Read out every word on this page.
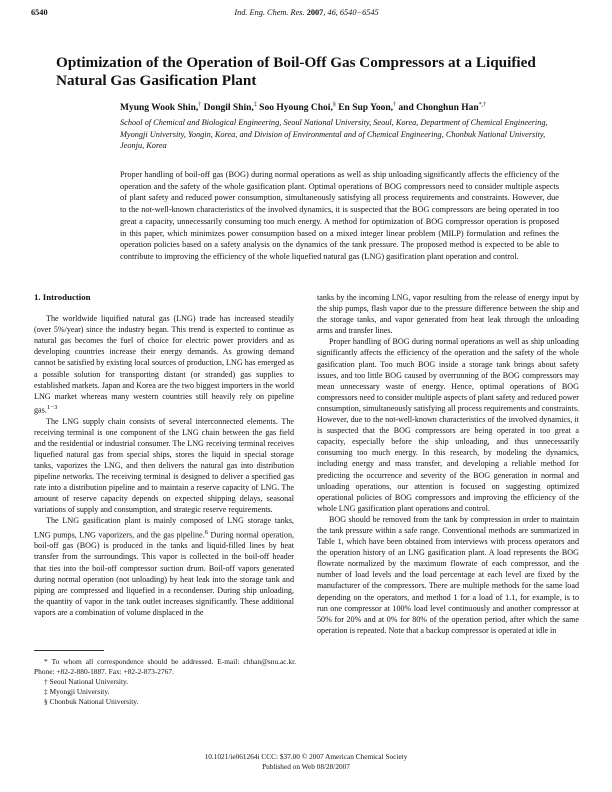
6540	Ind. Eng. Chem. Res. 2007, 46, 6540−6545
Optimization of the Operation of Boil-Off Gas Compressors at a Liquified Natural Gas Gasification Plant
Myung Wook Shin,† Dongil Shin,‡ Soo Hyoung Choi,§ En Sup Yoon,† and Chonghun Han*,†
School of Chemical and Biological Engineering, Seoul National University, Seoul, Korea, Department of Chemical Engineering, Myongji University, Yongin, Korea, and Division of Environmental and of Chemical Engineering, Chonbuk National University, Jeonju, Korea

Proper handling of boil-off gas (BOG) during normal operations as well as ship unloading significantly affects the efficiency of the operation and the safety of the whole gasification plant. Optimal operations of BOG compressors need to consider multiple aspects of plant safety and reduced power consumption, simultaneously satisfying all process requirements and constraints. However, due to the not-well-known characteristics of the involved dynamics, it is suspected that the BOG compressors are being operated in too great a capacity, unnecessarily consuming too much energy. A method for optimization of BOG compressor operation is proposed in this paper, which minimizes power consumption based on a mixed integer linear problem (MILP) formulation and refines the operation policies based on a safety analysis on the dynamics of the tank pressure. The proposed method is expected to be able to contribute to improving the efficiency of the whole liquefied natural gas (LNG) gasification plant operation and control.

1. Introduction

The worldwide liquified natural gas (LNG) trade has increased steadily (over 5%/year) since the industry began. This trend is expected to continue as natural gas becomes the fuel of choice for electric power providers and as developing countries increase their energy demands. As growing demand cannot be satisfied by existing local sources of production, LNG has emerged as a possible solution for transporting distant (or stranded) gas supplies to established markets. Japan and Korea are the two biggest importers in the world LNG market whereas many western countries still heavily rely on pipeline gas.$^{1-3}$

The LNG supply chain consists of several interconnected elements. The receiving terminal is one component of the LNG chain between the gas field and the residential or industrial consumer. The LNG receiving terminal receives liquefied natural gas from special ships, stores the liquid in special storage tanks, vaporizes the LNG, and then delivers the natural gas into distribution pipeline networks. The receiving terminal is designed to deliver a specified gas rate into a distribution pipeline and to maintain a reserve capacity of LNG. The amount of reserve capacity depends on expected shipping delays, seasonal variations of supply and consumption, and strategic reserve requirements.

The LNG gasification plant is mainly composed of LNG storage tanks, LNG pumps, LNG vaporizers, and the gas pipeline.$^6$ During normal operation, boil-off gas (BOG) is produced in the tanks and liquid-filled lines by heat transfer from the surroundings. This vapor is collected in the boil-off header that ties into the boil-off compressor suction drum. Boil-off vapors generated during normal operation (not unloading) by heat leak into the storage tank and piping are compressed and liquefied in a recondenser. During ship unloading, the quantity of vapor in the tank outlet increases significantly. These additional vapors are a combination of volume displaced in the

tanks by the incoming LNG, vapor resulting from the release of energy input by the ship pumps, flash vapor due to the pressure difference between the ship and the storage tanks, and vapor generated from heat leak through the unloading arms and transfer lines.

Proper handling of BOG during normal operations as well as ship unloading significantly affects the efficiency of the operation and the safety of the whole gasification plant. Too much BOG inside a storage tank brings about safety issues, and too little BOG caused by overrunning of the BOG compressors may mean unnecessary waste of energy. Hence, optimal operations of BOG compressors need to consider multiple aspects of plant safety and reduced power consumption, simultaneously satisfying all process requirements and constraints. However, due to the not-well-known characteristics of the involved dynamics, it is suspected that the BOG compressors are being operated in too great a capacity, especially before the ship unloading, and thus unnecessarily consuming too much energy. In this research, by modeling the dynamics, including energy and mass transfer, and developing a reliable method for predicting the occurrence and severity of the BOG generation in normal and unloading operations, our attention is focused on suggesting optimized operational policies of BOG compressors and improving the efficiency of the whole LNG gasification plant operations and control.

BOG should be removed from the tank by compression in order to maintain the tank pressure within a safe range. Conventional methods are summarized in Table 1, which have been obtained from interviews with process operators and the operation history of an LNG gasification plant. A load represents the BOG flowrate normalized by the maximum flowrate of each compressor, and the number of load levels and the load percentage at each level are fixed by the manufacturer of the compressors. There are multiple methods for the same load depending on the operators, and method 1 for a load of 1.1, for example, is to run one compressor at 100% load level continuously and another compressor at 50% for 20% and at 0% for 80% of the operation period, after which the same operation is repeated. Note that a backup compressor is operated at idle in

* To whom all correspondence should be addressed. E-mail: chhan@snu.ac.kr. Phone: +82-2-880-1887. Fax: +82-2-873-2767.
† Seoul National University.
‡ Myongji University.
§ Chonbuk National University.
10.1021/ie061264i CCC: $37.00 © 2007 American Chemical Society
Published on Web 08/28/2007
